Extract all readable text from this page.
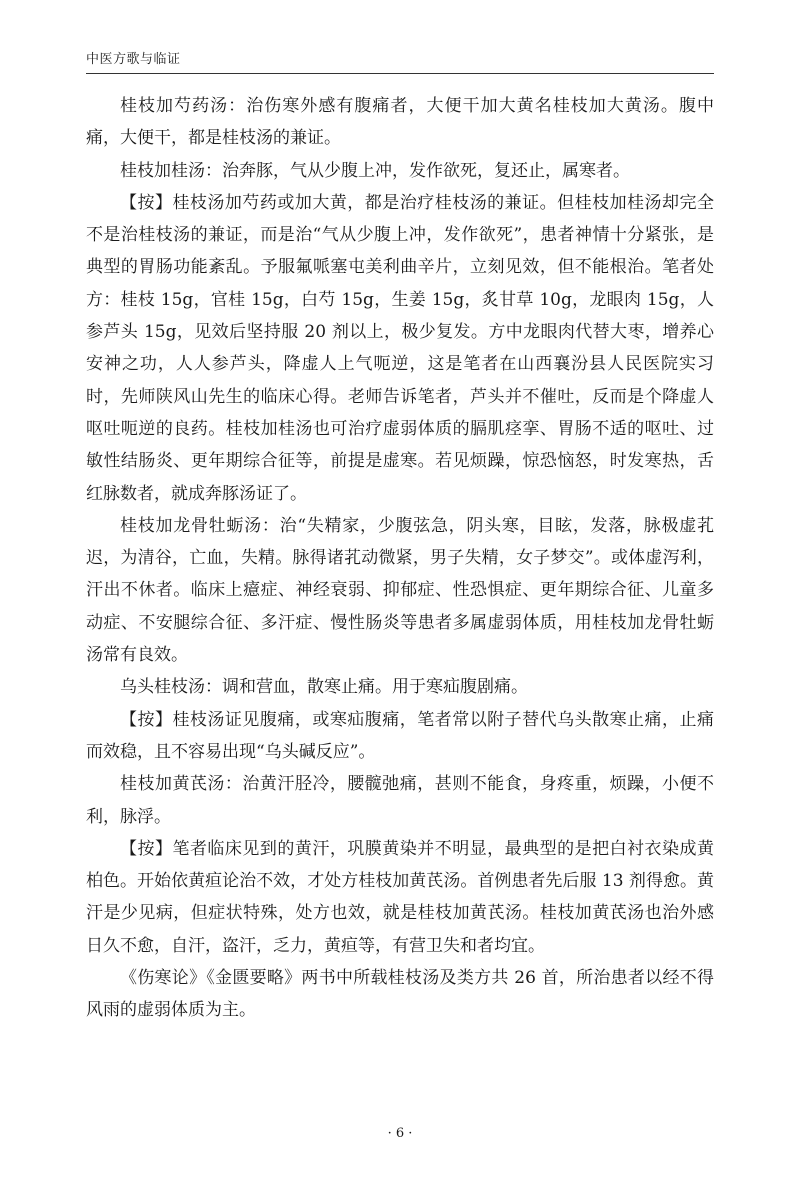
中医方歌与临证

桂枝加芍药汤：治伤寒外感有腹痛者，大便干加大黄名桂枝加大黄汤。腹中痛，大便干，都是桂枝汤的兼证。

桂枝加桂汤：治奔豚，气从少腹上冲，发作欲死，复还止，属寒者。

【按】桂枝汤加芍药或加大黄，都是治疗桂枝汤的兼证。但桂枝加桂汤却完全不是治桂枝汤的兼证，而是治“气从少腹上冲，发作欲死”，患者神情十分紧张，是典型的胃肠功能紊乱。予服氟哌塞屯美利曲辛片，立刻见效，但不能根治。笔者处方：桂枝 15g，官桂 15g，白芍 15g，生姜 15g，炙甘草 10g，龙眼肉 15g，人参芦头 15g，见效后坚持服 20 剂以上，极少复发。方中龙眼肉代替大枣，增养心安神之功，人人参芦头，降虚人上气呃逆，这是笔者在山西襄汾县人民医院实习时，先师陕风山先生的临床心得。老师告诉笔者，芦头并不催吐，反而是个降虚人呕吐呃逆的良药。桂枝加桂汤也可治疗虚弱体质的膈肌痉挛、胃肠不适的呕吐、过敏性结肠炎、更年期综合征等，前提是虚寒。若见烦躁，惊恐恼怒，时发寒热，舌红脉数者，就成奔豚汤证了。

桂枝加龙骨牡蛎汤：治“失精家，少腹弦急，阴头寒，目眩，发落，脉极虚芤迟，为清谷，亡血，失精。脉得诸芤动微紧，男子失精，女子梦交”。或体虚泻利，汗出不休者。临床上癔症、神经衰弱、抑郁症、性恐惧症、更年期综合征、儿童多动症、不安腿综合征、多汗症、慢性肠炎等患者多属虚弱体质，用桂枝加龙骨牡蛎汤常有良效。

乌头桂枝汤：调和营血，散寒止痛。用于寒疝腹剧痛。

【按】桂枝汤证见腹痛，或寒疝腹痛，笔者常以附子替代乌头散寒止痛，止痛而效稳，且不容易出现“乌头碱反应”。

桂枝加黄芪汤：治黄汗胫冷，腰髋弛痛，甚则不能食，身疼重，烦躁，小便不利，脉浮。

【按】笔者临床见到的黄汗，巩膜黄染并不明显，最典型的是把白衬衣染成黄柏色。开始依黄疸论治不效，才处方桂枝加黄芪汤。首例患者先后服 13 剂得愈。黄汗是少见病，但症状特殊，处方也效，就是桂枝加黄芪汤。桂枝加黄芪汤也治外感日久不愈，自汗，盗汗，乏力，黄疸等，有营卫失和者均宜。

《伤寒论》《金匮要略》两书中所载桂枝汤及类方共 26 首，所治患者以经不得风雨的虚弱体质为主。

· 6 ·
